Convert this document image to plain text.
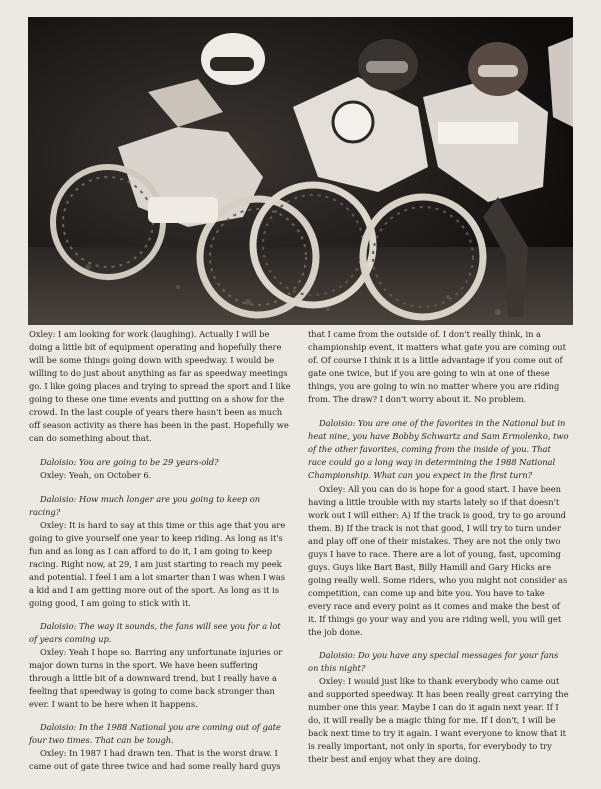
Oxley: I am looking for work (laughing). Actually I will be doing a little bit of equipment operating and hopefully there will be some things going down with speedway. I would be willing to do just about anything as far as speedway meetings go. I like going places and trying to spread the sport and I like going to these one time events and putting on a show for the crowd. In the last couple of years there hasn't been as much off season activity as there has been in the past. Hopefully we can do something about that.

Daloisio: You are going to be 29 years-old?

Oxley: Yeah, on October 6.

Daloisio: How much longer are you going to keep on racing?

Oxley: It is hard to say at this time or this age that you are going to give yourself one year to keep riding. As long as it's fun and as long as I can afford to do it, I am going to keep racing. Right now, at 29, I am just starting to reach my peek and potential. I feel I am a lot smarter than I was when I was a kid and I am getting more out of the sport. As long as it is going good, I am going to stick with it.

Daloisio: The way it sounds, the fans will see you for a lot of years coming up.

Oxley: Yeah I hope so. Barring any unfortunate injuries or major down turns in the sport. We have been suffering through a little bit of a downward trend, but I really have a feeling that speedway is going to come back stronger than ever. I want to be here when it happens.

Daloisio: In the 1988 National you are coming out of gate four two times. That can be tough.

Oxley: In 1987 I had drawn ten. That is the worst draw. I came out of gate three twice and had some really hard guys

that I came from the outside of. I don't really think, in a championship event, it matters what gate you are coming out of. Of course I think it is a little advantage if you come out of gate one twice, but if you are going to win at one of these things, you are going to win no matter where you are riding from. The draw? I don't worry about it. No problem.

Daloisio: You are one of the favorites in the National but in heat nine, you have Bobby Schwartz and Sam Ermolenko, two of the other favorites, coming from the inside of you. That race could go a long way in determining the 1988 National Championship. What can you expect in the first turn?

Oxley: All you can do is hope for a good start. I have been having a little trouble with my starts lately so if that doesn't work out I will either: A) If the track is good, try to go around them. B) If the track is not that good, I will try to turn under and play off one of their mistakes. They are not the only two guys I have to race. There are a lot of young, fast, upcoming guys. Guys like Bart Bast, Billy Hamill and Gary Hicks are going really well. Some riders, who you might not consider as competition, can come up and bite you. You have to take every race and every point as it comes and make the best of it. If things go your way and you are riding well, you will get the job done.

Daloisio: Do you have any special messages for your fans on this night?

Oxley: I would just like to thank everybody who came out and supported speedway. It has been really great carrying the number one this year. Maybe I can do it again next year. If I do, it will really be a magic thing for me. If I don't, I will be back next time to try it again. I want everyone to know that it is really important, not only in sports, for everybody to try their best and enjoy what they are doing.
